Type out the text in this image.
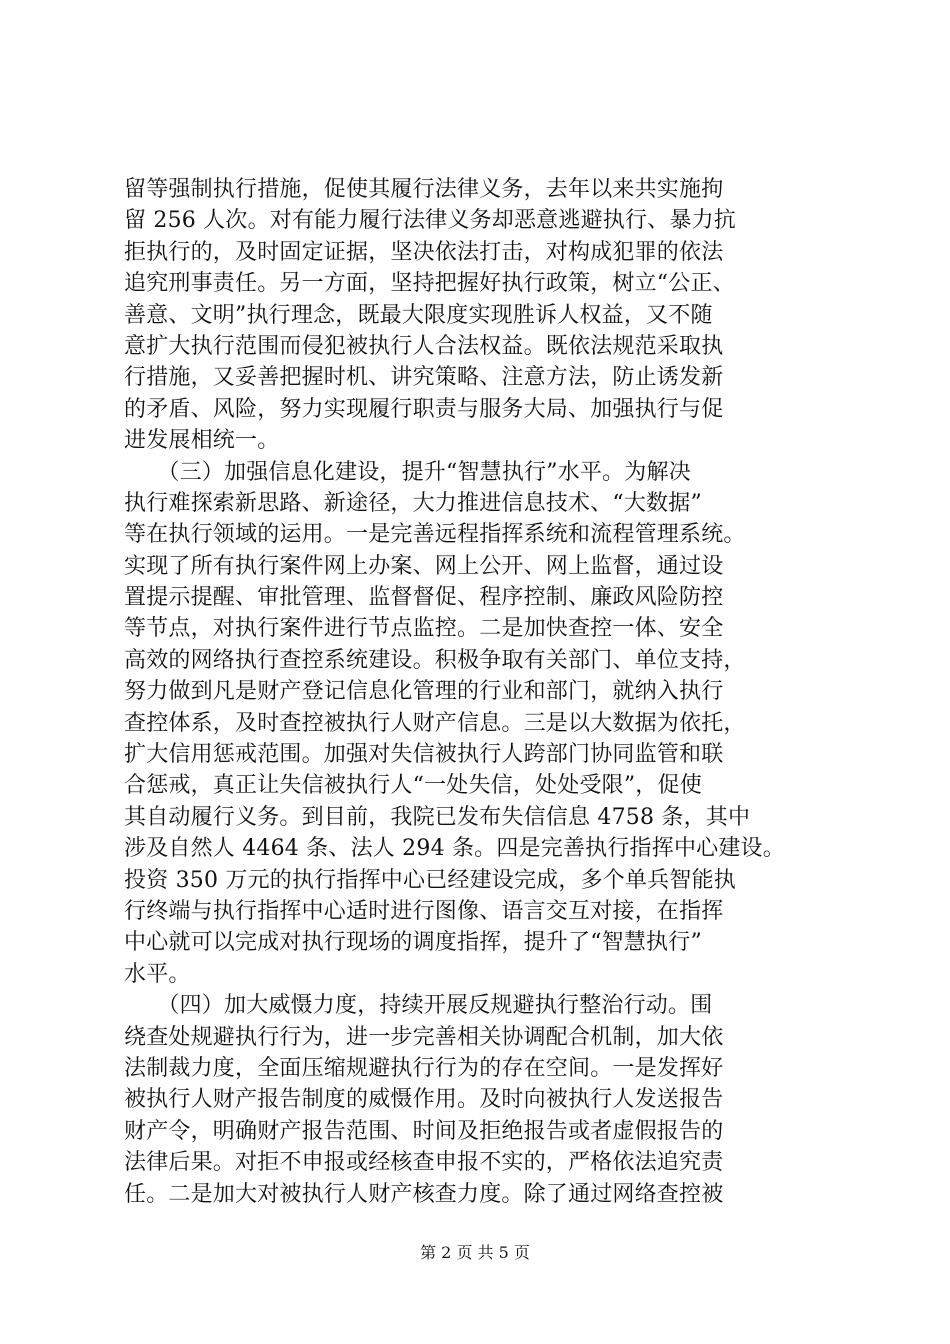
留等强制执行措施，促使其履行法律义务，去年以来共实施拘
留 256 人次。对有能力履行法律义务却恶意逃避执行、暴力抗
拒执行的，及时固定证据，坚决依法打击，对构成犯罪的依法
追究刑事责任。另一方面，坚持把握好执行政策，树立“公正、
善意、文明”执行理念，既最大限度实现胜诉人权益，又不随
意扩大执行范围而侵犯被执行人合法权益。既依法规范采取执
行措施，又妥善把握时机、讲究策略、注意方法，防止诱发新
的矛盾、风险，努力实现履行职责与服务大局、加强执行与促
进发展相统一。
　　（三）加强信息化建设，提升“智慧执行”水平。为解决
执行难探索新思路、新途径，大力推进信息技术、“大数据”
等在执行领域的运用。一是完善远程指挥系统和流程管理系统。
实现了所有执行案件网上办案、网上公开、网上监督，通过设
置提示提醒、审批管理、监督督促、程序控制、廉政风险防控
等节点，对执行案件进行节点监控。二是加快查控一体、安全
高效的网络执行查控系统建设。积极争取有关部门、单位支持，
努力做到凡是财产登记信息化管理的行业和部门，就纳入执行
查控体系，及时查控被执行人财产信息。三是以大数据为依托，
扩大信用惩戒范围。加强对失信被执行人跨部门协同监管和联
合惩戒，真正让失信被执行人“一处失信，处处受限”，促使
其自动履行义务。到目前，我院已发布失信信息 4758 条，其中
涉及自然人 4464 条、法人 294 条。四是完善执行指挥中心建设。
投资 350 万元的执行指挥中心已经建设完成，多个单兵智能执
行终端与执行指挥中心适时进行图像、语言交互对接，在指挥
中心就可以完成对执行现场的调度指挥，提升了“智慧执行”
水平。
　　（四）加大威慑力度，持续开展反规避执行整治行动。围
绕查处规避执行行为，进一步完善相关协调配合机制，加大依
法制裁力度，全面压缩规避执行行为的存在空间。一是发挥好
被执行人财产报告制度的威慑作用。及时向被执行人发送报告
财产令，明确财产报告范围、时间及拒绝报告或者虚假报告的
法律后果。对拒不申报或经核查申报不实的，严格依法追究责
任。二是加大对被执行人财产核查力度。除了通过网络查控被
第 2 页 共 5 页
